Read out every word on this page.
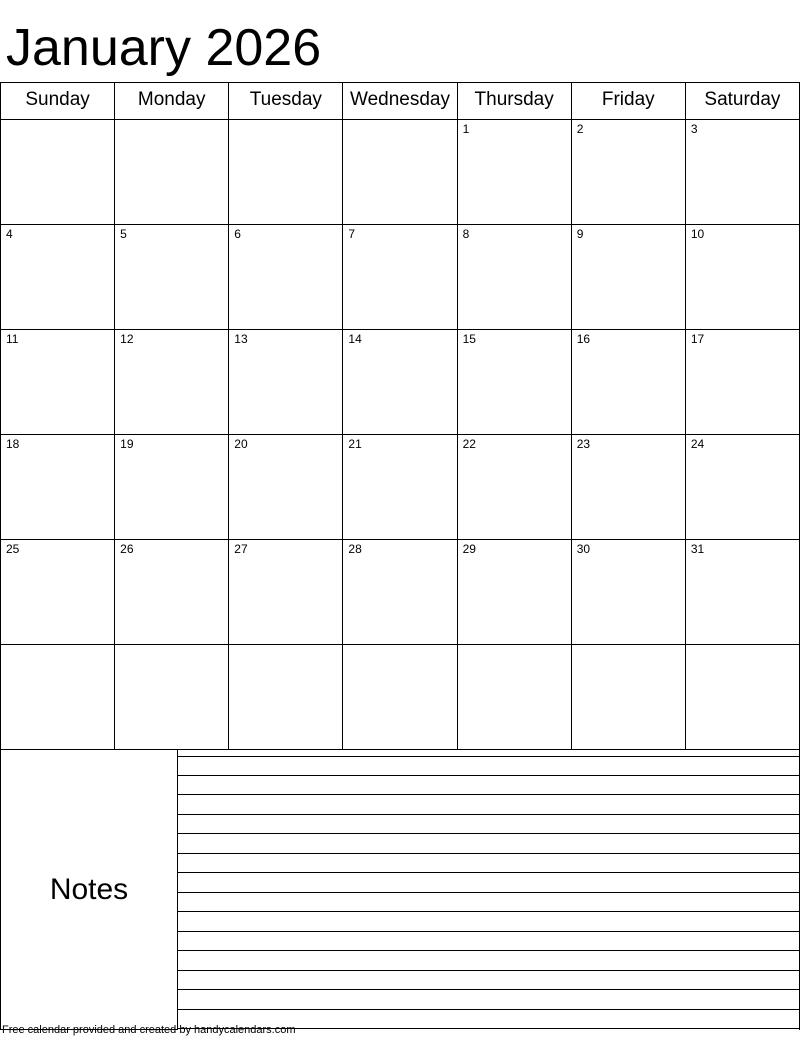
January 2026
Sunday	Monday	Tuesday	Wednesday	Thursday	Friday	Saturday

				1	2	3

4	5	6	7	8	9	10

11	12	13	14	15	16	17

18	19	20	21	22	23	24

25	26	27	28	29	30	31

Notes
Free calendar provided and created by handycalendars.com
